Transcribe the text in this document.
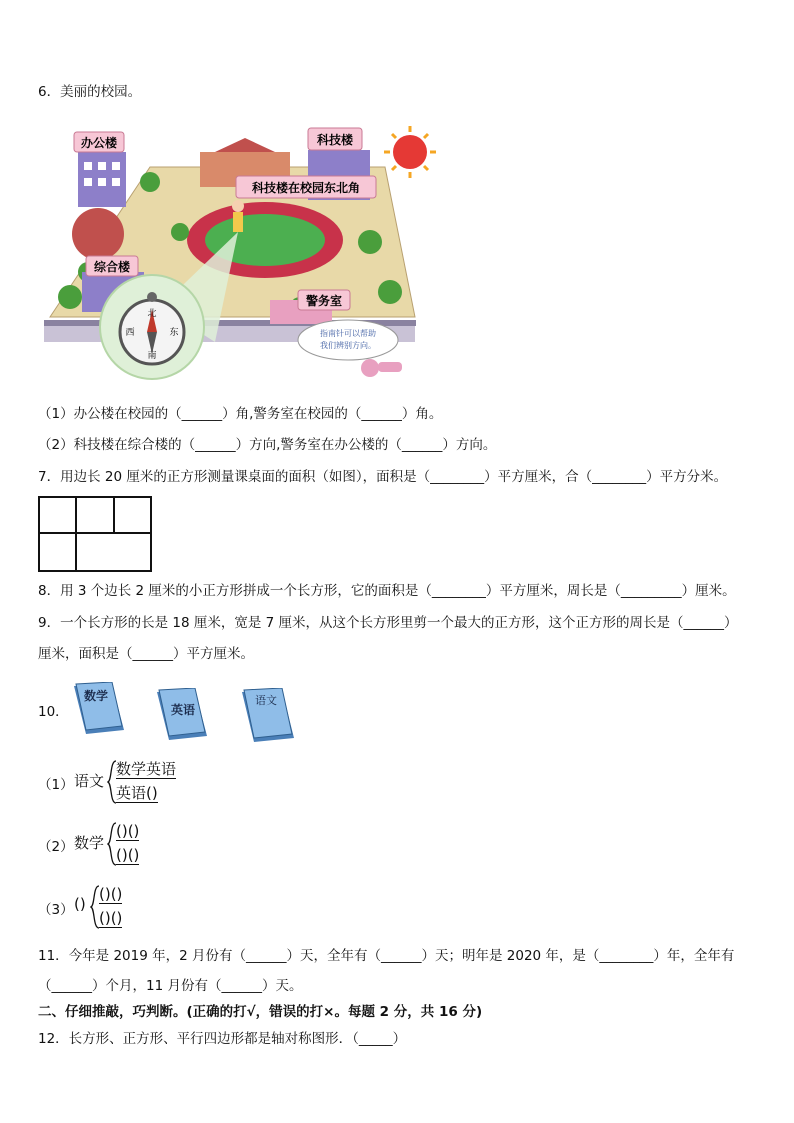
6．美丽的校园。
北
南
东
西
办公楼	科技楼
科技楼在校园东北角
综合楼
警务室
指南针可以帮助
我们辨别方向。
（1）办公楼在校园的（______）角,警务室在校园的（______）角。
（2）科技楼在综合楼的（______）方向,警务室在办公楼的（______）方向。
7．用边长 20 厘米的正方形测量课桌面的面积（如图），面积是（________）平方厘米，合（________）平方分米。
8．用 3 个边长 2 厘米的小正方形拼成一个长方形，它的面积是（________）平方厘米，周长是（_________）厘米。
9．一个长方形的长是 18 厘米，宽是 7 厘米，从这个长方形里剪一个最大的正方形，这个正方形的周长是（______）
厘米，面积是（______）平方厘米。
10．
数学
英语
语文
（1） 语文
数学英语
英语()
（2） 数学
()()
()()
（3） ()
()()
()()
11．今年是 2019 年，2 月份有（______）天，全年有（______）天；明年是 2020 年，是（________）年，全年有
（______）个月，11 月份有（______）天。
二、仔细推敲，巧判断。(正确的打√，错误的打×。每题 2 分，共 16 分)
12．长方形、正方形、平行四边形都是轴对称图形．（_____）
